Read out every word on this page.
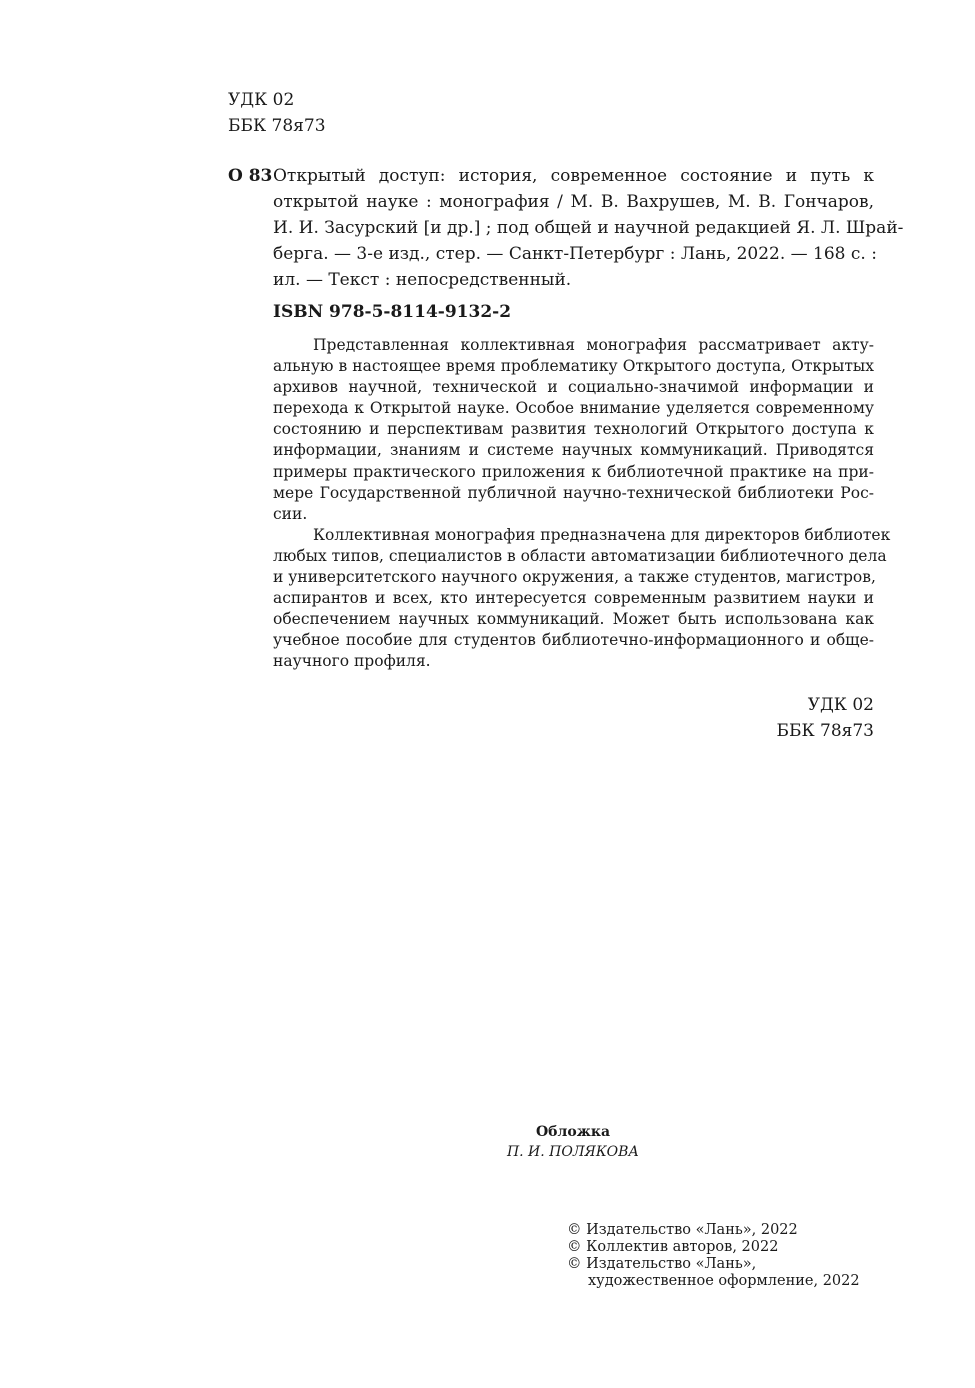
УДК 02
ББК 78я73
О 83 Открытый доступ: история, современное состояние и путь к
открытой науке : монография / М. В. Вахрушев, М. В. Гончаров,
И. И. Засурский [и др.] ; под общей и научной редакцией Я. Л. Шрай-
берга. — 3-е изд., стер. — Санкт-Петербург : Лань, 2022. — 168 с. :
ил. — Текст : непосредственный.
ISBN 978-5-8114-9132-2
Представленная коллективная монография рассматривает акту-
альную в настоящее время проблематику Открытого доступа, Открытых
архивов научной, технической и социально-значимой информации и
перехода к Открытой науке. Особое внимание уделяется современному
состоянию и перспективам развития технологий Открытого доступа к
информации, знаниям и системе научных коммуникаций. Приводятся
примеры практического приложения к библиотечной практике на при-
мере Государственной публичной научно-технической библиотеки Рос-
сии.
Коллективная монография предназначена для директоров библиотек
любых типов, специалистов в области автоматизации библиотечного дела
и университетского научного окружения, а также студентов, магистров,
аспирантов и всех, кто интересуется современным развитием науки и
обеспечением научных коммуникаций. Может быть использована как
учебное пособие для студентов библиотечно-информационного и обще-
научного профиля.
УДК 02
ББК 78я73
Обложка
П. И. ПОЛЯКОВА
© Издательство «Лань», 2022
© Коллектив авторов, 2022
© Издательство «Лань»,
художественное оформление, 2022
